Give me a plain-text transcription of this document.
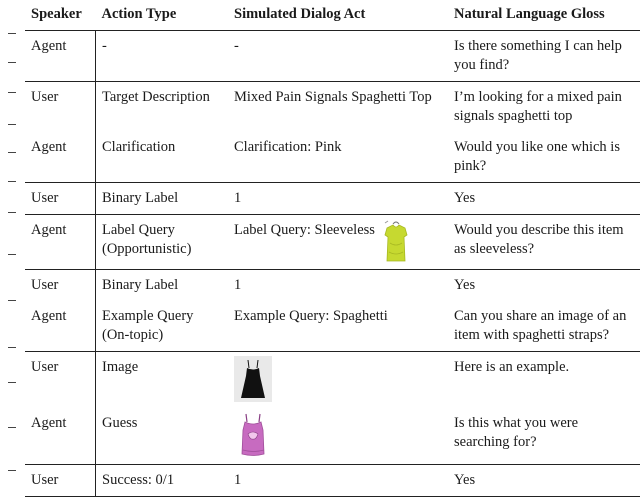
Speaker	Action Type	Simulated Dialog Act	Natural Language Gloss
Agent	-	-	Is there something I can help you find?
User	Target Description	Mixed Pain Signals Spaghetti Top	I’m looking for a mixed pain signals spaghetti top
Agent	Clarification	Clarification: Pink	Would you like one which is pink?
User	Binary Label	1	Yes
Agent	Label Query (Opportunistic)	Label Query: Sleeveless	Would you describe this item as sleeveless?
User	Binary Label	1	Yes
Agent	Example Query (On-topic)	Example Query: Spaghetti	Can you share an image of an item with spaghetti straps?
User	Image		Here is an example.
Agent	Guess		Is this what you were searching for?
User	Success: 0/1	1	Yes
